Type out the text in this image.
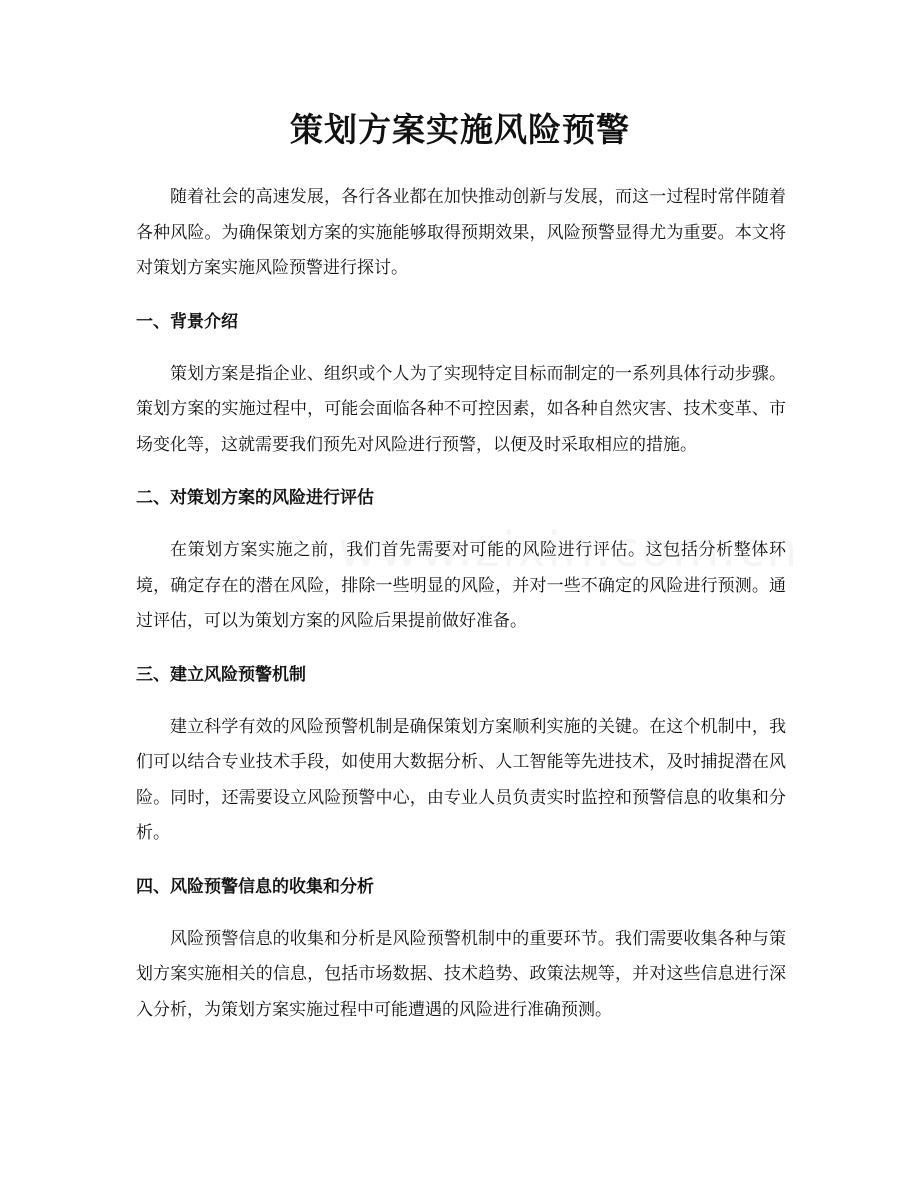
策划方案实施风险预警

随着社会的高速发展，各行各业都在加快推动创新与发展，而这一过程时常伴随着各种风险。为确保策划方案的实施能够取得预期效果，风险预警显得尤为重要。本文将对策划方案实施风险预警进行探讨。

一、背景介绍

策划方案是指企业、组织或个人为了实现特定目标而制定的一系列具体行动步骤。策划方案的实施过程中，可能会面临各种不可控因素，如各种自然灾害、技术变革、市场变化等，这就需要我们预先对风险进行预警，以便及时采取相应的措施。

二、对策划方案的风险进行评估

在策划方案实施之前，我们首先需要对可能的风险进行评估。这包括分析整体环境，确定存在的潜在风险，排除一些明显的风险，并对一些不确定的风险进行预测。通过评估，可以为策划方案的风险后果提前做好准备。

三、建立风险预警机制

建立科学有效的风险预警机制是确保策划方案顺利实施的关键。在这个机制中，我们可以结合专业技术手段，如使用大数据分析、人工智能等先进技术，及时捕捉潜在风险。同时，还需要设立风险预警中心，由专业人员负责实时监控和预警信息的收集和分析。

四、风险预警信息的收集和分析

风险预警信息的收集和分析是风险预警机制中的重要环节。我们需要收集各种与策划方案实施相关的信息，包括市场数据、技术趋势、政策法规等，并对这些信息进行深入分析，为策划方案实施过程中可能遭遇的风险进行准确预测。
